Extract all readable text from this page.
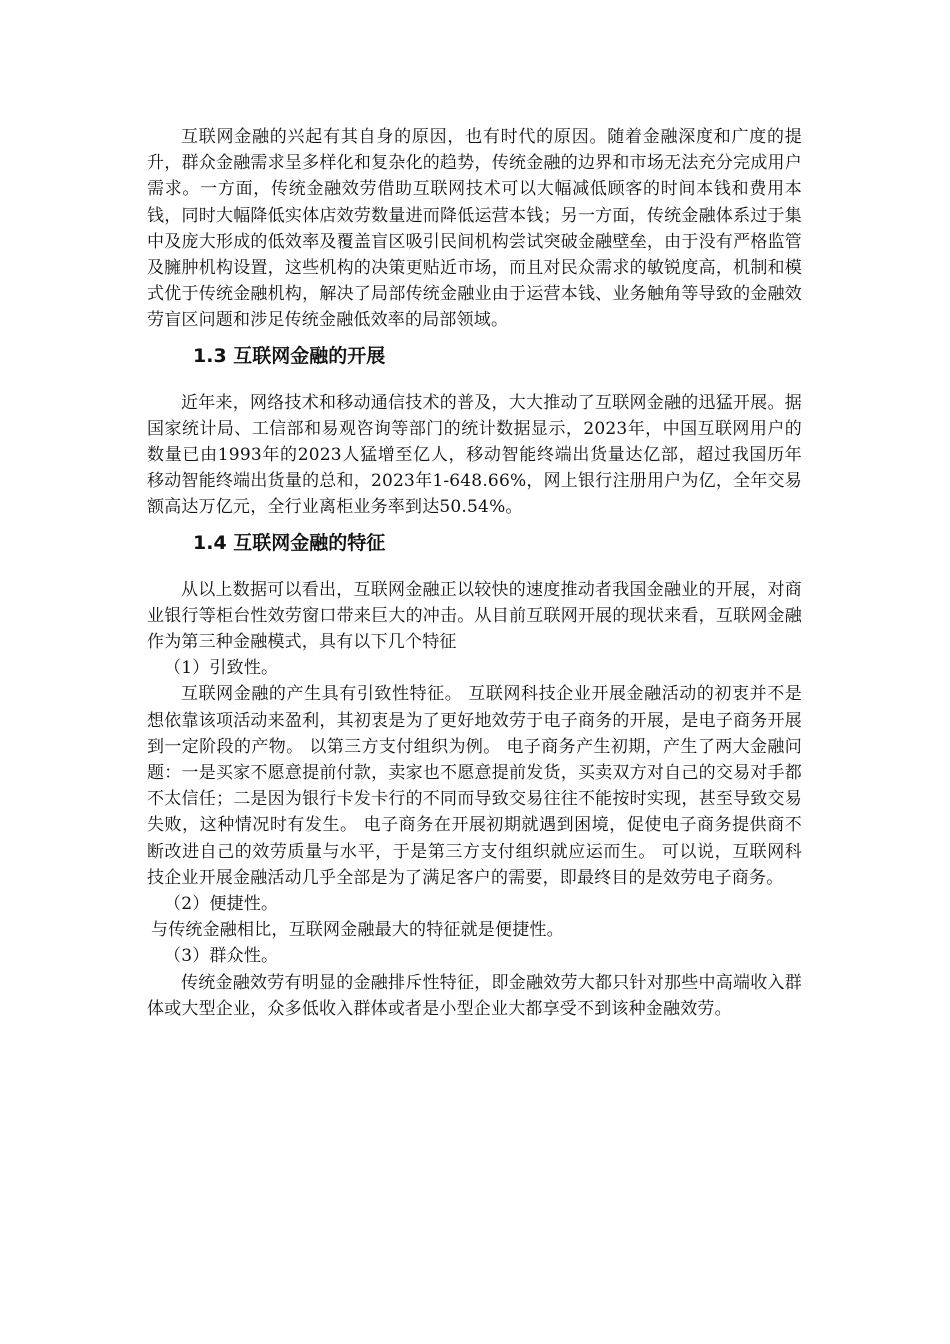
互联网金融的兴起有其自身的原因，也有时代的原因。随着金融深度和广度的提升，群众金融需求呈多样化和复杂化的趋势，传统金融的边界和市场无法充分完成用户需求。一方面，传统金融效劳借助互联网技术可以大幅减低顾客的时间本钱和费用本钱，同时大幅降低实体店效劳数量进而降低运营本钱；另一方面，传统金融体系过于集中及庞大形成的低效率及覆盖盲区吸引民间机构尝试突破金融壁垒，由于没有严格监管及臃肿机构设置，这些机构的决策更贴近市场，而且对民众需求的敏锐度高，机制和模式优于传统金融机构，解决了局部传统金融业由于运营本钱、业务触角等导致的金融效劳盲区问题和涉足传统金融低效率的局部领域。

1.3 互联网金融的开展

近年来，网络技术和移动通信技术的普及，大大推动了互联网金融的迅猛开展。据国家统计局、工信部和易观咨询等部门的统计数据显示，2023年，中国互联网用户的数量已由1993年的2023人猛增至亿人，移动智能终端出货量达亿部，超过我国历年移动智能终端出货量的总和，2023年1-648.66%，网上银行注册用户为亿，全年交易额高达万亿元，全行业离柜业务率到达50.54%。

1.4 互联网金融的特征

从以上数据可以看出，互联网金融正以较快的速度推动者我国金融业的开展，对商业银行等柜台性效劳窗口带来巨大的冲击。从目前互联网开展的现状来看，互联网金融作为第三种金融模式，具有以下几个特征

（1）引致性。

互联网金融的产生具有引致性特征。 互联网科技企业开展金融活动的初衷并不是想依靠该项活动来盈利，其初衷是为了更好地效劳于电子商务的开展，是电子商务开展到一定阶段的产物。 以第三方支付组织为例。 电子商务产生初期，产生了两大金融问题：一是买家不愿意提前付款，卖家也不愿意提前发货，买卖双方对自己的交易对手都不太信任；二是因为银行卡发卡行的不同而导致交易往往不能按时实现，甚至导致交易失败，这种情况时有发生。 电子商务在开展初期就遇到困境，促使电子商务提供商不断改进自己的效劳质量与水平，于是第三方支付组织就应运而生。 可以说，互联网科技企业开展金融活动几乎全部是为了满足客户的需要，即最终目的是效劳电子商务。

（2）便捷性。

与传统金融相比，互联网金融最大的特征就是便捷性。

（3）群众性。

传统金融效劳有明显的金融排斥性特征，即金融效劳大都只针对那些中高端收入群体或大型企业，众多低收入群体或者是小型企业大都享受不到该种金融效劳。
